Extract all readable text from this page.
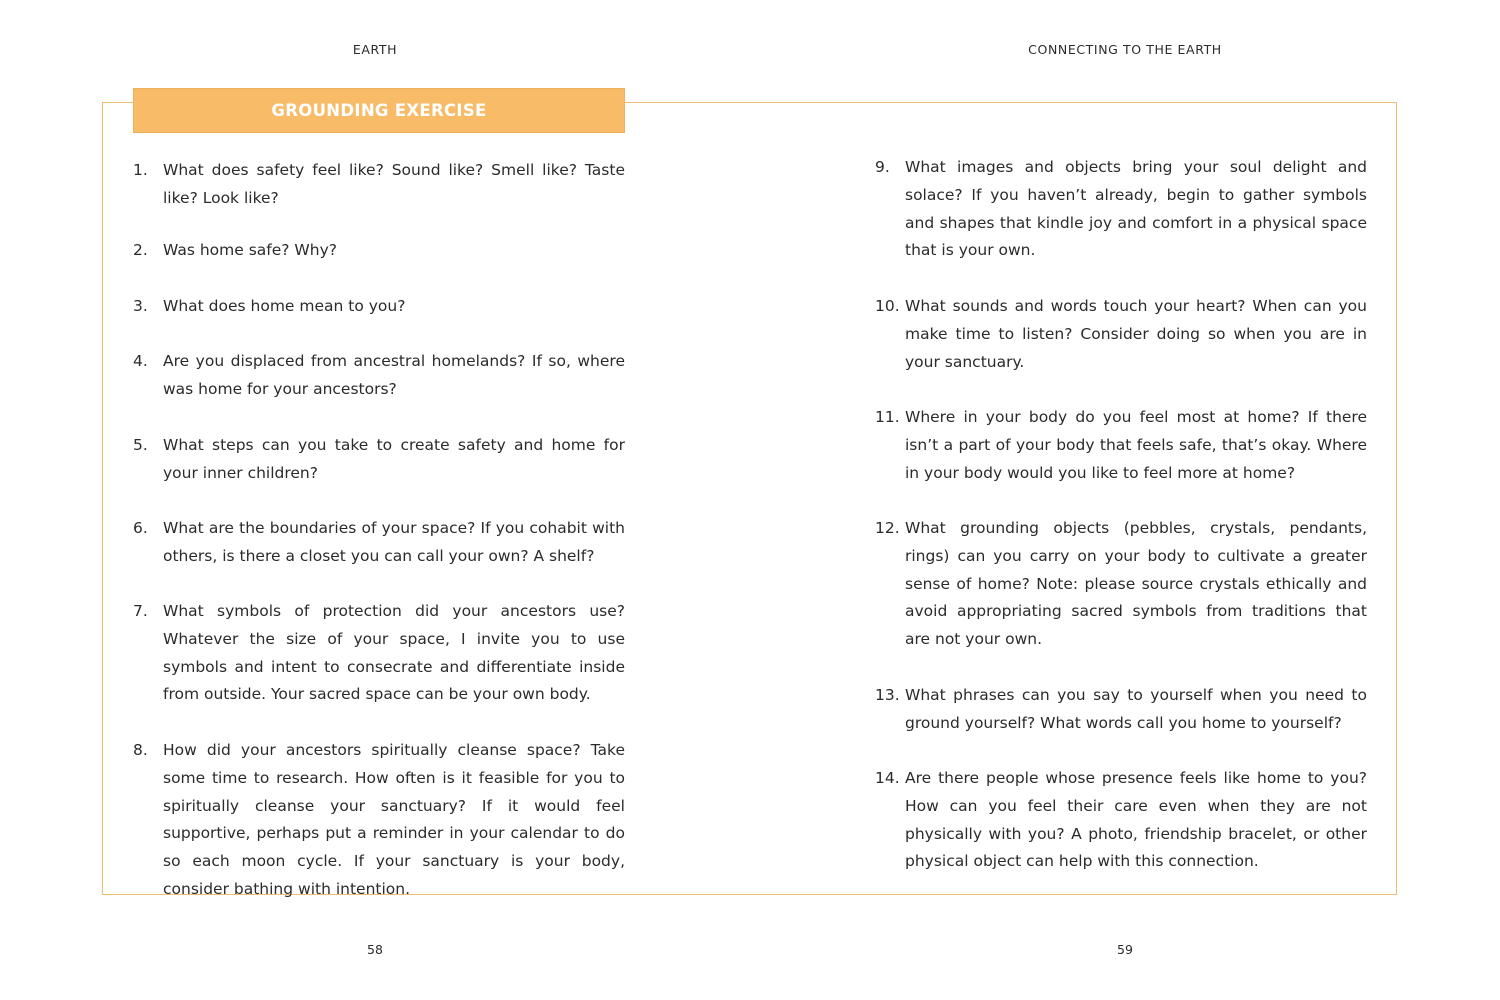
EARTH	CONNECTING TO THE EARTH
GROUNDING EXERCISE
1. What does safety feel like? Sound like? Smell like? Taste like? Look like?
2. Was home safe? Why?
3. What does home mean to you?
4. Are you displaced from ancestral homelands? If so, where was home for your ancestors?
5. What steps can you take to create safety and home for your inner children?
6. What are the boundaries of your space? If you cohabit with others, is there a closet you can call your own? A shelf?
7. What symbols of protection did your ancestors use? Whatever the size of your space, I invite you to use symbols and intent to consecrate and differentiate inside from outside. Your sacred space can be your own body.
8. How did your ancestors spiritually cleanse space? Take some time to research. How often is it feasible for you to spiritually cleanse your sanctuary? If it would feel supportive, perhaps put a reminder in your calendar to do so each moon cycle. If your sanctuary is your body, consider bathing with intention.
9. What images and objects bring your soul delight and solace? If you haven’t already, begin to gather symbols and shapes that kindle joy and comfort in a physical space that is your own.
10. What sounds and words touch your heart? When can you make time to listen? Consider doing so when you are in your sanctuary.
11. Where in your body do you feel most at home? If there isn’t a part of your body that feels safe, that’s okay. Where in your body would you like to feel more at home?
12. What grounding objects (pebbles, crystals, pendants, rings) can you carry on your body to cultivate a greater sense of home? Note: please source crystals ethically and avoid appropriating sacred symbols from traditions that are not your own.
13. What phrases can you say to yourself when you need to ground yourself? What words call you home to yourself?
14. Are there people whose presence feels like home to you? How can you feel their care even when they are not physically with you? A photo, friendship bracelet, or other physical object can help with this connection.
58	59
